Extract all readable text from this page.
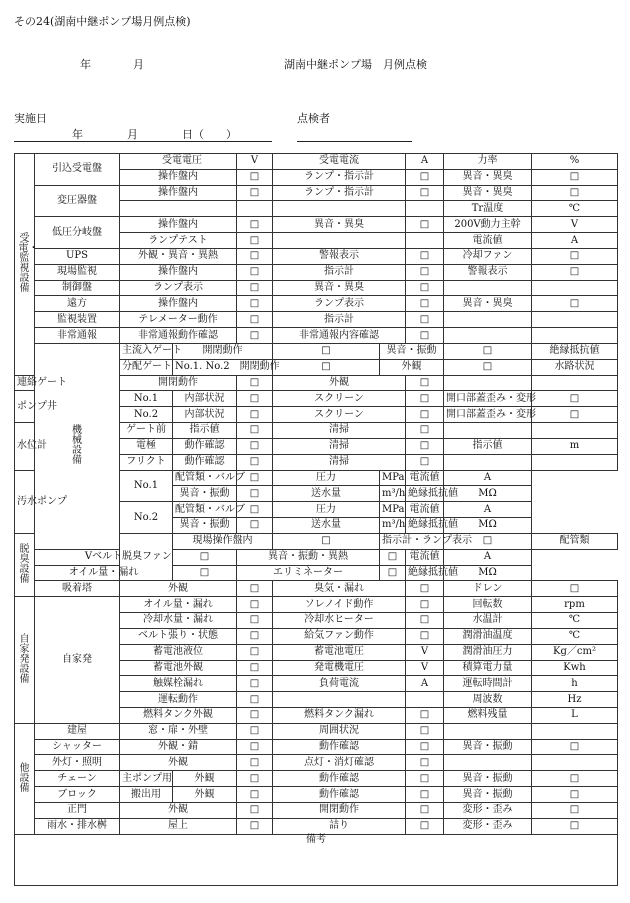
その24(湖南中継ポンプ場月例点検)
年	月	湖南中継ポンプ場　月例点検
実施日	点検者
年　　　　月　　　　日（　　）
受電・監視設備	引込受電盤	受電電圧		V	受電電流		A	力率	%	
		操作盤内		□	ランプ・指示計		□	異音・異臭	□	
	変圧器盤	操作盤内		□	ランプ・指示計		□	異音・異臭	□	
								Tr温度	℃	
	低圧分岐盤	操作盤内		□	異音・異臭		□	200V動力主幹	V	
		ランプテスト		□				電流値	A	
	UPS	外観・異音・異熱		□	警報表示		□	冷却ファン	□	
	現場監視	操作盤内		□	指示計		□	警報表示	□	
	制御盤	ランプ表示		□	異音・異臭		□			
	遠方	操作盤内		□	ランプ表示		□	異音・異臭	□	
	監視装置	テレメーター動作		□	指示計		□			
	非常通報	非常通報動作確認		□	非常通報内容確認		□			
	機械設備	主流入ゲート	開閉動作		□	異音・振動		□	絶縁抵抗値	
		分配ゲート	No.1. No.2　開閉動作		□	外観		□	水路状況	
連絡ゲート		開閉動作		□	外観		□			
ポンプ井		No.1	内部状況	□	スクリーン		□	開口部蓋歪み・変形	□	
		No.2	内部状況	□	スクリーン		□	開口部蓋歪み・変形	□	
水位計		ゲート前	指示値	□	清掃		□			
		電極	動作確認	□	清掃		□	指示値	m	
		フリクト	動作確認	□	清掃		□			
汚水ポンプ		No.1	配管類・バルブ	□	圧力	MPa	電流値	A		
			異音・振動	□	送水量	m³/h	絶縁抵抗値	MΩ		
		No.2	配管類・バルブ	□	圧力	MPa	電流値	A		
			異音・振動	□	送水量	m³/h	絶縁抵抗値	MΩ		
脱臭設備		脱臭ファン	現場操作盤内		□	指示計・ランプ表示		□	配管類	
	Vベルト		□	異音・振動・異熱		□	電流値	A		
	オイル量・漏れ		□	エリミネーター		□	絶縁抵抗値	MΩ		
	吸着塔	外観		□	臭気・漏れ		□	ドレン	□	
自家発設備	自家発	オイル量・漏れ		□	ソレノイド動作		□	回転数	rpm	
		冷却水量・漏れ		□	冷却水ヒーター		□	水温計	℃	
		ベルト張り・状態		□	給気ファン動作		□	潤滑油温度	℃	
		蓄電池液位		□	蓄電池電圧		V	潤滑油圧力	Kg／cm²	
		蓄電池外観		□	発電機電圧		V	積算電力量	Kwh	
		触媒栓漏れ		□	負荷電流		A	運転時間計	h	
		運転動作		□				周波数	Hz	
		燃料タンク外観		□	燃料タンク漏れ		□	燃料残量	L	
他設備	建屋	窓・扉・外壁		□	周囲状況		□			
	シャッター	外観・錆		□	動作確認		□	異音・振動	□	
	外灯・照明	外観		□	点灯・消灯確認		□			
	チェーン	主ポンプ用	外観	□	動作確認		□	異音・振動	□	
	ブロック	搬出用	外観	□	動作確認		□	異音・振動	□	
	正門	外観		□	開閉動作		□	変形・歪み	□	
	雨水・排水桝	屋上		□	詰り		□	変形・歪み	□	
備考										
